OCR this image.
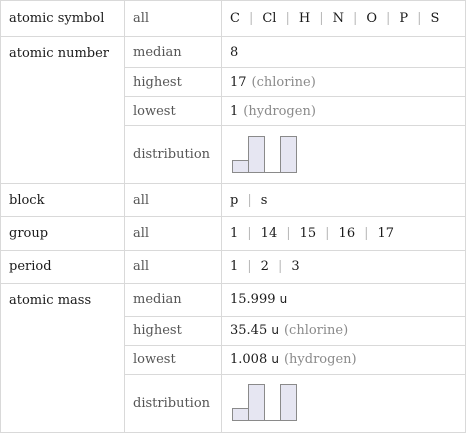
atomic symbol	all	C | Cl | H | N | O | P | S
atomic number	median	8
	highest	17 (chlorine)
	lowest	1 (hydrogen)
	distribution	

block	all	p | s
group	all	1 | 14 | 15 | 16 | 17
period	all	1 | 2 | 3
atomic mass	median	15.999 u
	highest	35.45 u (chlorine)
	lowest	1.008 u (hydrogen)
	distribution	
